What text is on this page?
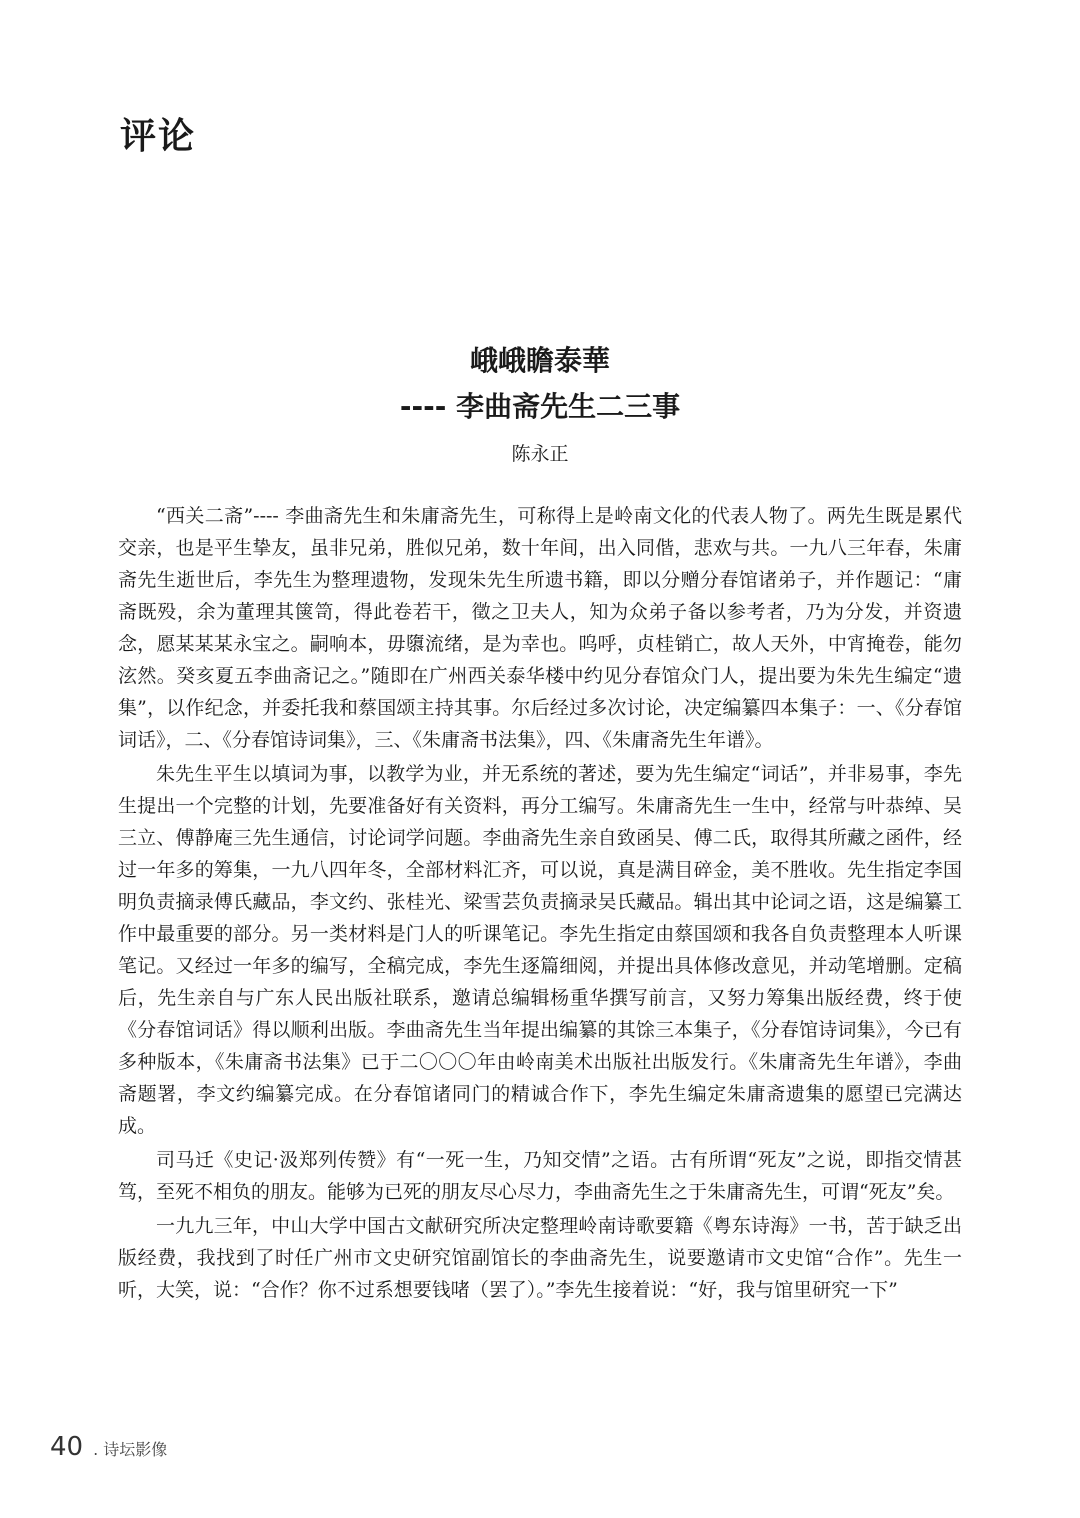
评论
峨峨瞻泰華
---- 李曲斋先生二三事
陈永正

“西关二斋”---- 李曲斋先生和朱庸斋先生，可称得上是岭南文化的代表人物了。两先生既是累代交亲，也是平生挚友，虽非兄弟，胜似兄弟，数十年间，出入同偕，悲欢与共。一九八三年春，朱庸斋先生逝世后，李先生为整理遗物，发现朱先生所遗书籍，即以分赠分春馆诸弟子，并作题记：“庸斋既殁，余为董理其箧笥，得此卷若干，徵之卫夫人，知为众弟子备以参考者，乃为分发，并资遗念，愿某某某永宝之。嗣响本，毋隳流绪，是为幸也。呜呼，贞桂销亡，故人天外，中宵掩卷，能勿泫然。癸亥夏五李曲斋记之。”随即在广州西关泰华楼中约见分春馆众门人，提出要为朱先生编定“遗集”，以作纪念，并委托我和蔡国颂主持其事。尔后经过多次讨论，决定编纂四本集子：一、《分春馆词话》，二、《分春馆诗词集》，三、《朱庸斋书法集》，四、《朱庸斋先生年谱》。

朱先生平生以填词为事，以教学为业，并无系统的著述，要为先生编定“词话”，并非易事，李先生提出一个完整的计划，先要准备好有关资料，再分工编写。朱庸斋先生一生中，经常与叶恭绰、吴三立、傅静庵三先生通信，讨论词学问题。李曲斋先生亲自致函吴、傅二氏，取得其所藏之函件，经过一年多的筹集，一九八四年冬，全部材料汇齐，可以说，真是满目碎金，美不胜收。先生指定李国明负责摘录傅氏藏品，李文约、张桂光、梁雪芸负责摘录吴氏藏品。辑出其中论词之语，这是编纂工作中最重要的部分。另一类材料是门人的听课笔记。李先生指定由蔡国颂和我各自负责整理本人听课笔记。又经过一年多的编写，全稿完成，李先生逐篇细阅，并提出具体修改意见，并动笔增删。定稿后，先生亲自与广东人民出版社联系，邀请总编辑杨重华撰写前言，又努力筹集出版经费，终于使《分春馆词话》得以顺利出版。李曲斋先生当年提出编纂的其馀三本集子，《分春馆诗词集》，今已有多种版本，《朱庸斋书法集》已于二〇〇〇年由岭南美术出版社出版发行。《朱庸斋先生年谱》，李曲斋题署，李文约编纂完成。在分春馆诸同门的精诚合作下，李先生编定朱庸斋遗集的愿望已完满达成。

司马迁《史记·汲郑列传赞》有“一死一生，乃知交情”之语。古有所谓“死友”之说，即指交情甚笃，至死不相负的朋友。能够为已死的朋友尽心尽力，李曲斋先生之于朱庸斋先生，可谓“死友”矣。

一九九三年，中山大学中国古文献研究所决定整理岭南诗歌要籍《粤东诗海》一书，苦于缺乏出版经费，我找到了时任广州市文史研究馆副馆长的李曲斋先生，说要邀请市文史馆“合作”。先生一听，大笑，说：“合作？你不过系想要钱啫（罢了）。”李先生接着说：“好，我与馆里研究一下”

40 . 诗坛影像
